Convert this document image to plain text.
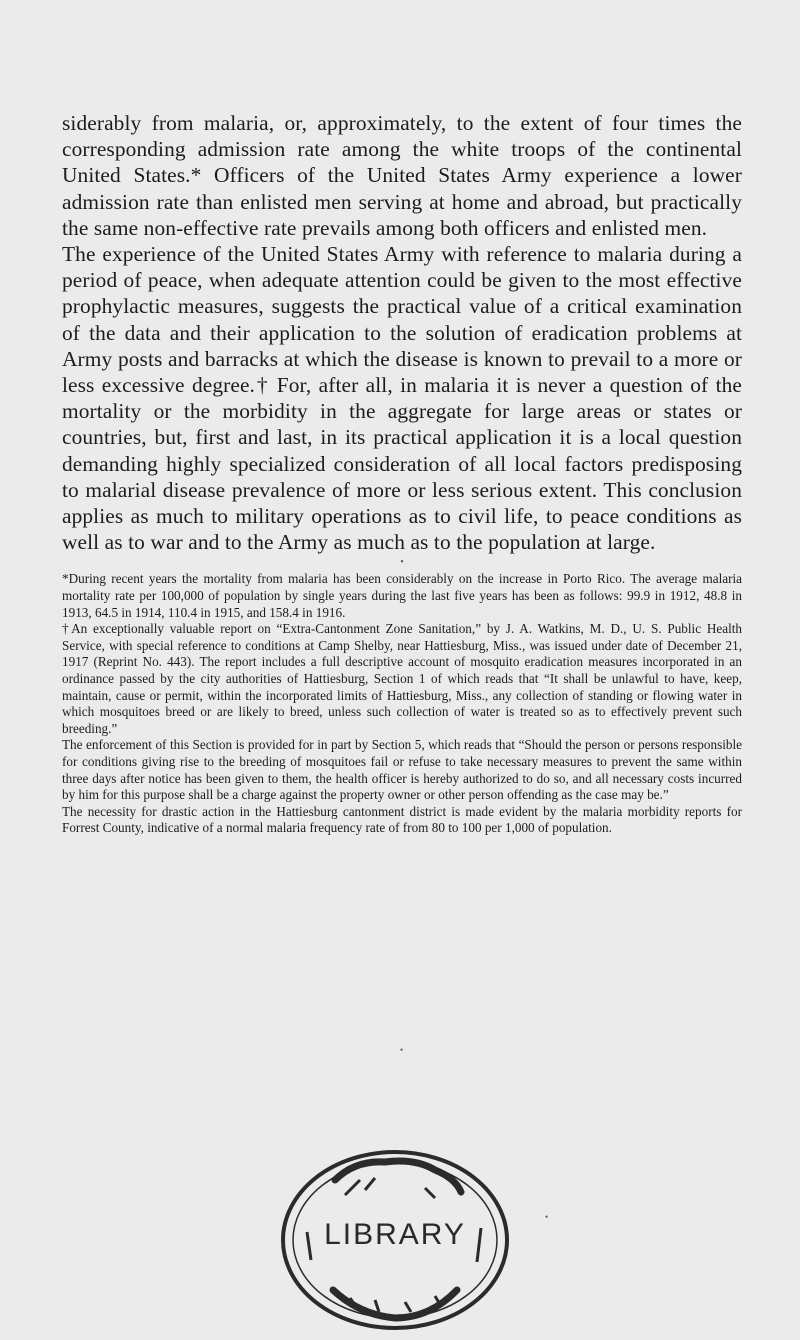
siderably from malaria, or, approximately, to the extent of four times the corresponding admission rate among the white troops of the continental United States.* Officers of the United States Army experience a lower admission rate than enlisted men serving at home and abroad, but practically the same non-effective rate prevails among both officers and enlisted men.

The experience of the United States Army with reference to malaria during a period of peace, when adequate attention could be given to the most effective prophylactic measures, suggests the practical value of a critical examination of the data and their application to the solution of eradication problems at Army posts and barracks at which the disease is known to prevail to a more or less excessive degree.† For, after all, in malaria it is never a question of the mortality or the morbidity in the aggregate for large areas or states or countries, but, first and last, in its practical application it is a local question demanding highly specialized consideration of all local factors predisposing to malarial disease prevalence of more or less serious extent. This conclusion applies as much to military operations as to civil life, to peace conditions as well as to war and to the Army as much as to the population at large.

•

*During recent years the mortality from malaria has been considerably on the increase in Porto Rico. The average malaria mortality rate per 100,000 of population by single years during the last five years has been as follows: 99.9 in 1912, 48.8 in 1913, 64.5 in 1914, 110.4 in 1915, and 158.4 in 1916.

†An exceptionally valuable report on “Extra-Cantonment Zone Sanitation,” by J. A. Watkins, M. D., U. S. Public Health Service, with special reference to conditions at Camp Shelby, near Hattiesburg, Miss., was issued under date of December 21, 1917 (Reprint No. 443). The report includes a full descriptive account of mosquito eradication measures incorporated in an ordinance passed by the city authorities of Hattiesburg, Section 1 of which reads that “It shall be unlawful to have, keep, maintain, cause or permit, within the incorporated limits of Hattiesburg, Miss., any collection of standing or flowing water in which mosquitoes breed or are likely to breed, unless such collection of water is treated so as to effectively prevent such breeding.”

The enforcement of this Section is provided for in part by Section 5, which reads that “Should the person or persons responsible for conditions giving rise to the breeding of mosquitoes fail or refuse to take necessary measures to prevent the same within three days after notice has been given to them, the health officer is hereby authorized to do so, and all necessary costs incurred by him for this purpose shall be a charge against the property owner or other person offending as the case may be.”

The necessity for drastic action in the Hattiesburg cantonment district is made evident by the malaria morbidity reports for Forrest County, indicative of a normal malaria frequency rate of from 80 to 100 per 1,000 of population.

LIBRARY
•
•
